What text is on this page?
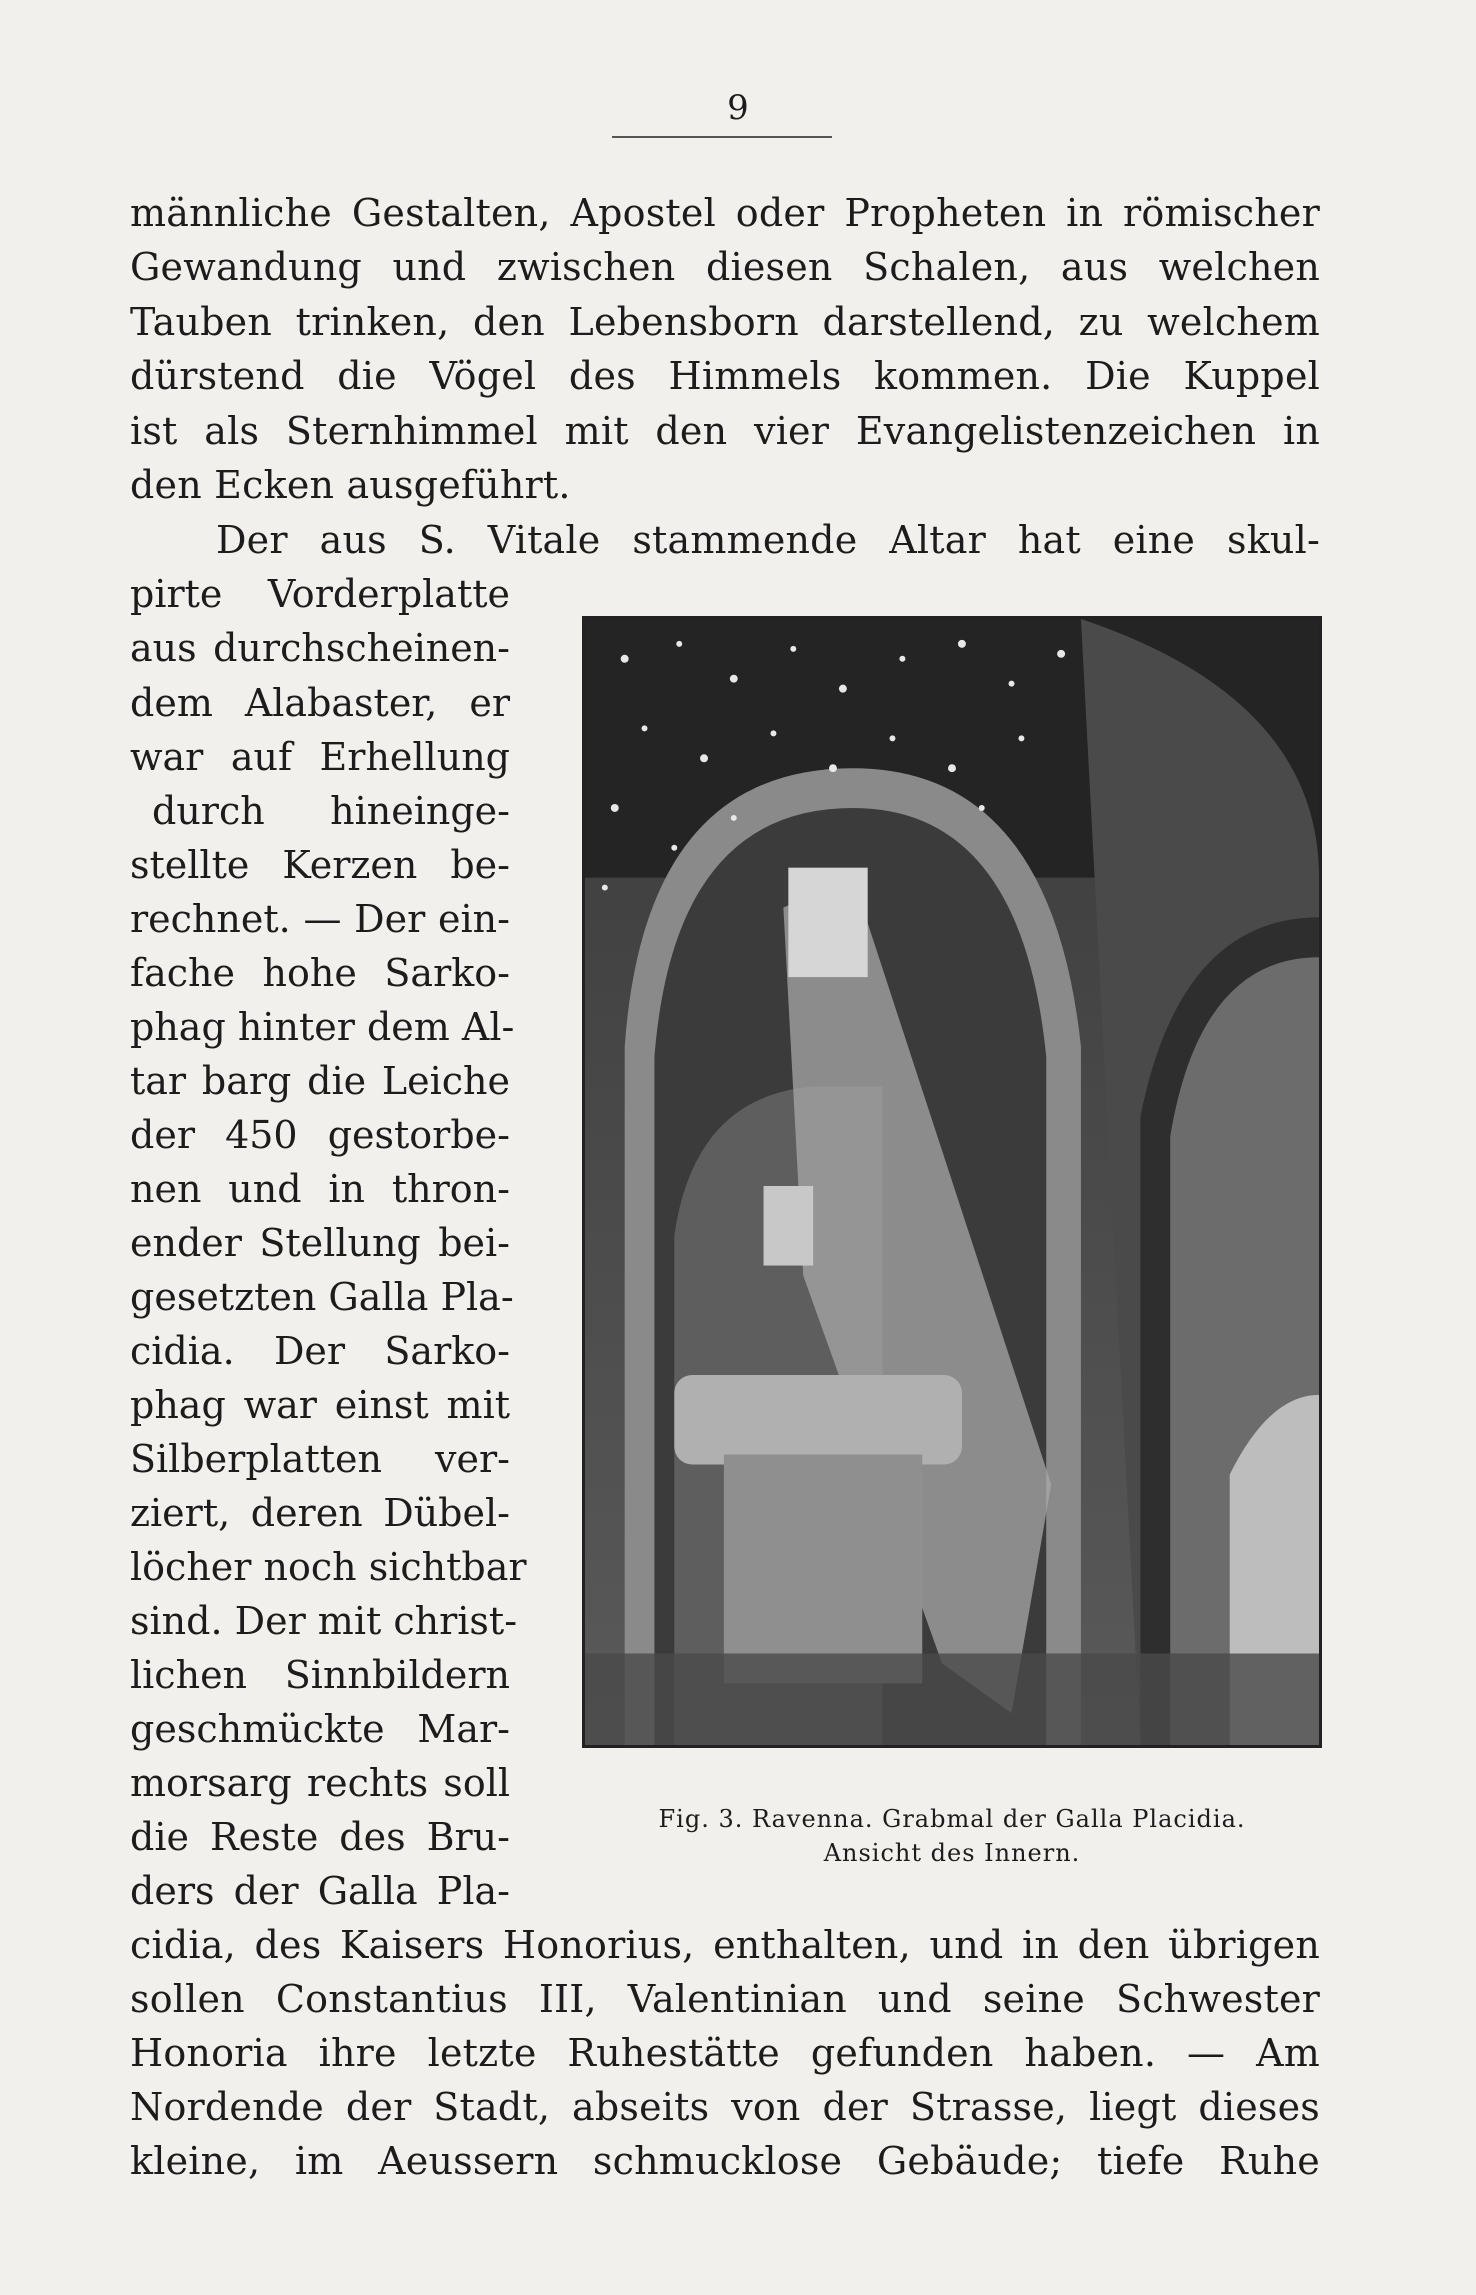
9
männliche Gestalten, Apostel oder Propheten in römischer
Gewandung und zwischen diesen Schalen, aus welchen
Tauben trinken, den Lebensborn darstellend, zu welchem
dürstend die Vögel des Himmels kommen. Die Kuppel
ist als Sternhimmel mit den vier Evangelistenzeichen in
den Ecken ausgeführt.
Der aus S. Vitale stammende Altar hat eine skul-
pirte Vorderplatte
aus durchscheinen-
dem Alabaster, er
war auf Erhellung
durch hineinge-
stellte Kerzen be-
rechnet. — Der ein-
fache hohe Sarko-
phag hinter dem Al-
tar barg die Leiche
der 450 gestorbe-
nen und in thron-
ender Stellung bei-
gesetzten Galla Pla-
cidia. Der Sarko-
phag war einst mit
Silberplatten ver-
ziert, deren Dübel-
löcher noch sichtbar
sind. Der mit christ-
lichen Sinnbildern
geschmückte Mar-
morsarg rechts soll
die Reste des Bru-
ders der Galla Pla-
Fig. 3. Ravenna. Grabmal der Galla Placidia.
Ansicht des Innern.
cidia, des Kaisers Honorius, enthalten, und in den übrigen
sollen Constantius III, Valentinian und seine Schwester
Honoria ihre letzte Ruhestätte gefunden haben. — Am
Nordende der Stadt, abseits von der Strasse, liegt dieses
kleine, im Aeussern schmucklose Gebäude; tiefe Ruhe
